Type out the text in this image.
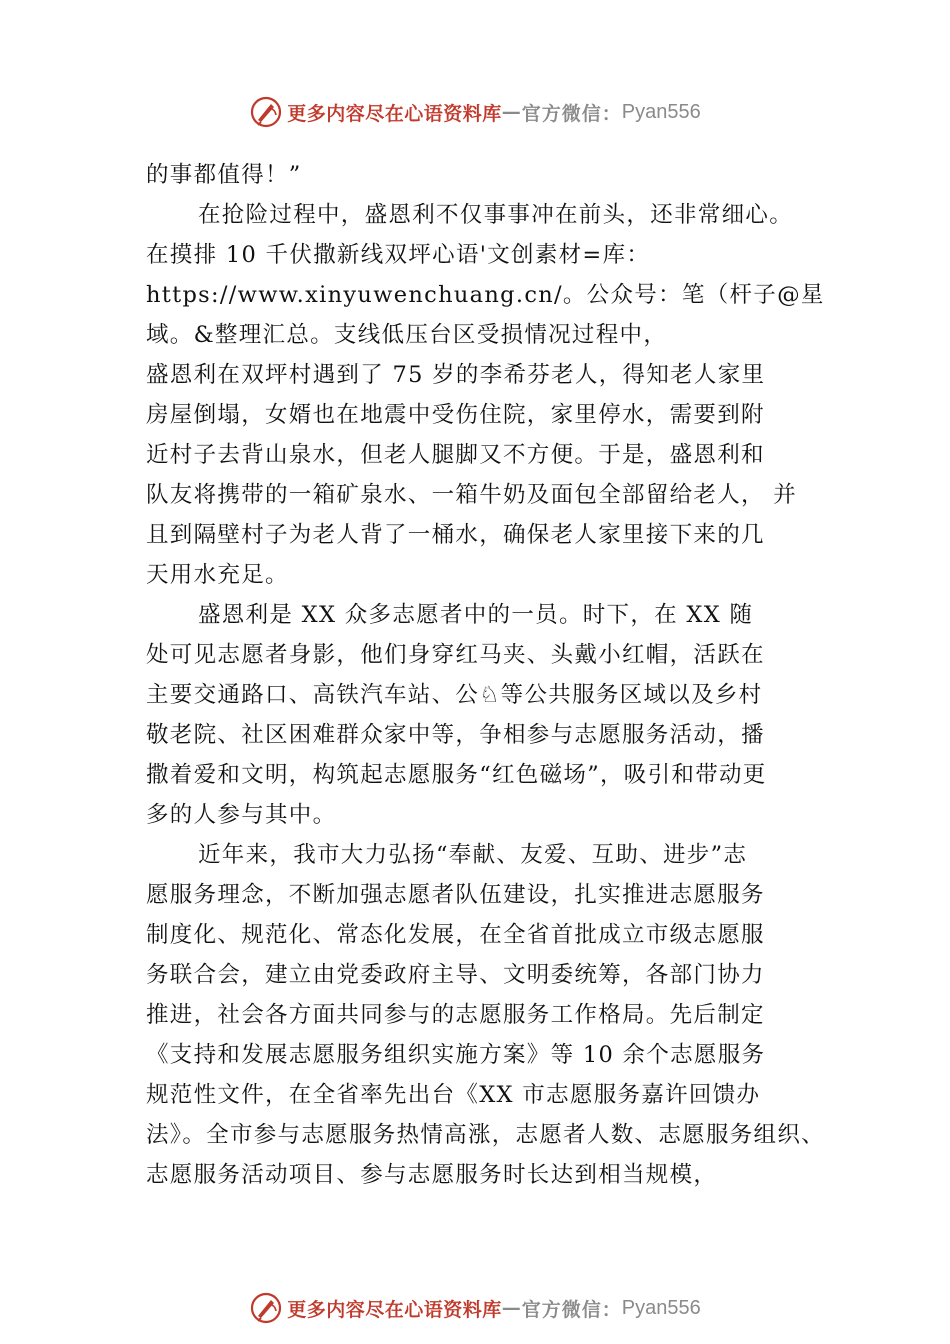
更多内容尽在心语资料库 — 官方微信： Pyan556
的事都值得！”
在抢险过程中，盛恩利不仅事事冲在前头，还非常细心。
在摸排 10 千伏撒新线双坪心语'文创素材=库：
https://www.xinyuwenchuang.cn/。公众号：笔（杆子@星
域。&整理汇总。支线低压台区受损情况过程中，
盛恩利在双坪村遇到了 75 岁的李希芬老人，得知老人家里
房屋倒塌，女婿也在地震中受伤住院，家里停水，需要到附
近村子去背山泉水，但老人腿脚又不方便。于是，盛恩利和
队友将携带的一箱矿泉水、一箱牛奶及面包全部留给老人， 并
且到隔壁村子为老人背了一桶水，确保老人家里接下来的几
天用水充足。
盛恩利是 XX 众多志愿者中的一员。时下，在 XX 随
处可见志愿者身影，他们身穿红马夹、头戴小红帽，活跃在
主要交通路口、高铁汽车站、公♘等公共服务区域以及乡村
敬老院、社区困难群众家中等，争相参与志愿服务活动，播
撒着爱和文明，构筑起志愿服务“红色磁场”，吸引和带动更
多的人参与其中。
近年来，我市大力弘扬“奉献、友爱、互助、进步”志
愿服务理念，不断加强志愿者队伍建设，扎实推进志愿服务
制度化、规范化、常态化发展，在全省首批成立市级志愿服
务联合会，建立由党委政府主导、文明委统筹，各部门协力
推进，社会各方面共同参与的志愿服务工作格局。先后制定
《支持和发展志愿服务组织实施方案》等 10 余个志愿服务
规范性文件，在全省率先出台《XX 市志愿服务嘉许回馈办
法》。全市参与志愿服务热情高涨，志愿者人数、志愿服务组织、
志愿服务活动项目、参与志愿服务时长达到相当规模，
更多内容尽在心语资料库 — 官方微信： Pyan556
